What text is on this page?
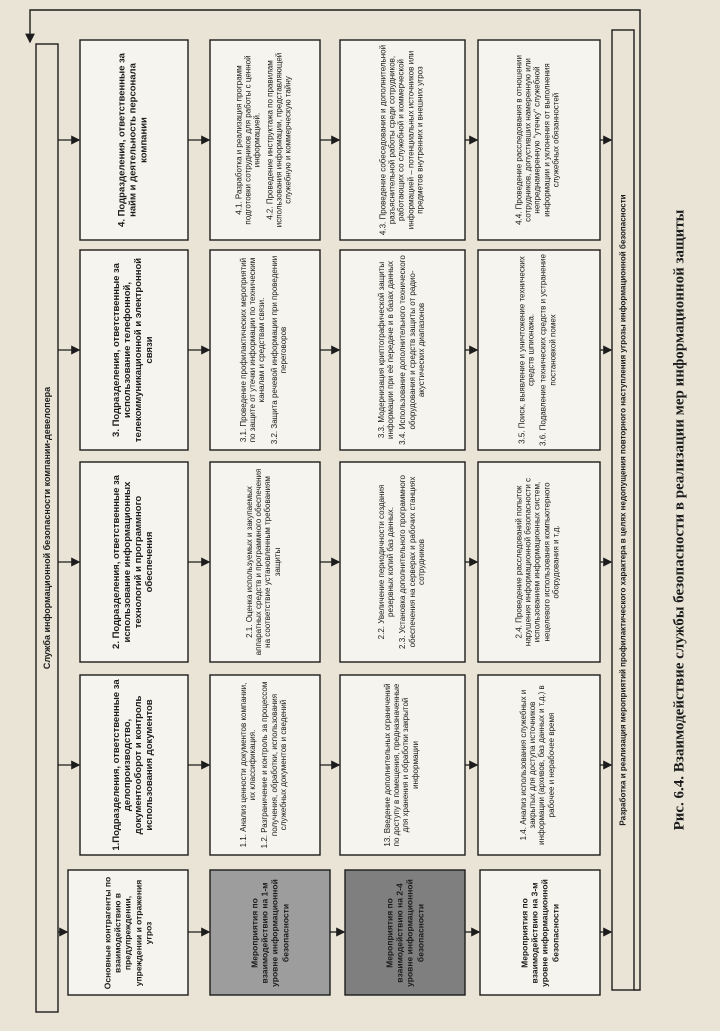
Рис. 6.4. Взаимодействие службы безопасности в реализации мер информационной защиты
Служба информационной безопасности компании-девелопера	Разработка и реализация мероприятий профилактического характера в целях недопущения повторного наступления угрозы информационной безопасности
Основные контрагенты по взаимодействию в предупреждении, упреждении и отражения угроз	Мероприятия по взаимодействию на 1-м уровне информационной безопасности	Мероприятия по взаимодействию на 2-4 уровне информационной безопасности	Мероприятия по взаимодействию на 3-м уровне информационной безопасности
4. Подразделения, ответственные за найм и деятельность персонала компании
3. Подразделения, ответственные за использование телефонной, телекоммуникационной и электронной связи
2. Подразделения, ответственные за использование информационных технологий и программного обеспечения
1.Подразделения, ответственные за делопроизводство, документооборот и контроль использования документов
4.1. Разработка и реализация программ подготовки сотрудников для работы с ценной информацией. 4.2. Проведение инструктажа по правилам использования информации, представляющей служебную и коммерческую тайну
3.1. Проведение профилактических мероприятий по защите от утечки информации по техническим каналам и средствам связи. 3.2. Защита речевой информации при проведении переговоров
2.1. Оценка используемых и закупаемых аппаратных средств и программного обеспечения на соответствие установленным требованиям защиты
1.1. Анализ ценности документов компании, их классификация. 1.2. Разграничение и контроль за процессом получения, обработки, использования служебных документов и сведений
4.3. Проведение собеседования и дополнительной разъяснительной работы среди сотрудников, работающих со служебной и коммерческой информацией – потенциальных источников или предметов внутренних и внешних угроз
3.3. Модернизация криптографической защиты информации при её передаче и в базах данных 3.4. Использование дополнительного технического оборудования и средств защиты от радио-акустических диапазонов
2.2. Увеличение периодичности создания резервных копий баз данных. 2.3. Установка дополнительного программного обеспечения на серверах и рабочих станциях сотрудников
13. Введение дополнительных ограничений по доступу в помещения, предназначенные для хранения и обработки закрытой информации
4.4. Проведение расследования в отношении сотрудников, допустивших намеренную или непреднамеренную "утечку" служебной информации и уклонения от выполнения служебных обязанностей
3.5. Поиск, выявление и уничтожение технических средств шпионажа. 3.6. Подавление технических средств и устранение постановкой помех
2.4. Проведение расследований попыток нарушения информационной безопасности с использованием информационных систем, нецелевого использования компьютерного оборудования и т.д.
1.4. Анализ использования служебных и закрытых для доступа источников информации (архивов, баз данных и т.д.) в рабочее и нерабочее время
